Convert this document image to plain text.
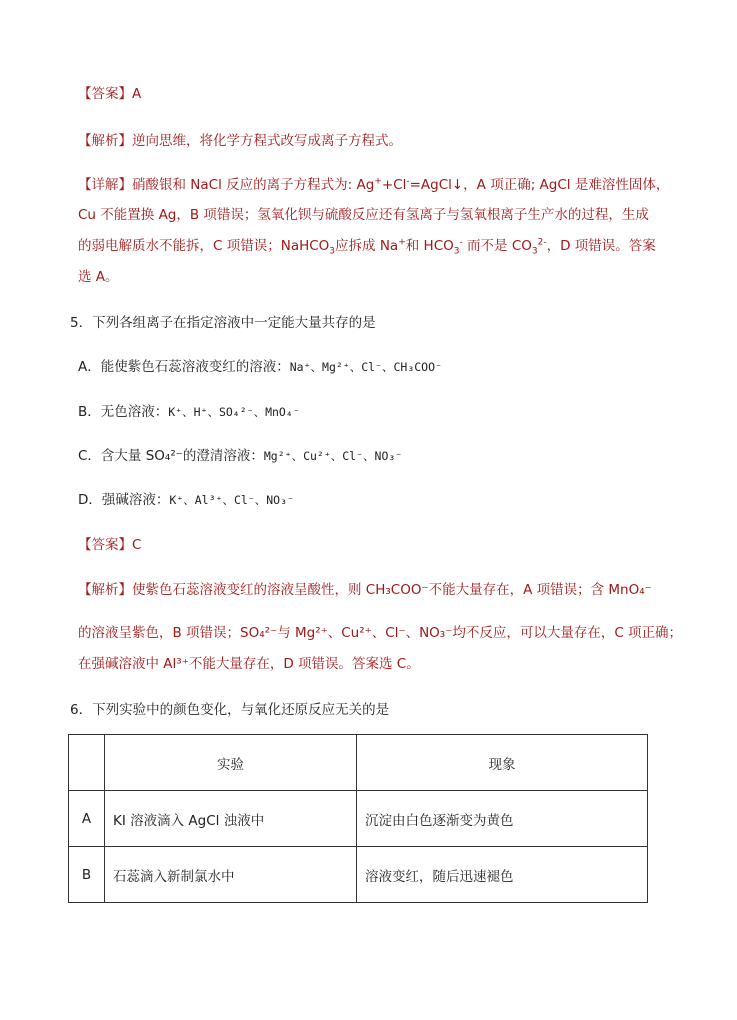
【答案】A
【解析】逆向思维，将化学方程式改写成离子方程式。
【详解】硝酸银和 NaCl 反应的离子方程式为: Ag++Cl-=AgCl↓，A 项正确; AgCl 是难溶性固体，
Cu 不能置换 Ag，B 项错误；氢氧化钡与硫酸反应还有氢离子与氢氧根离子生产水的过程，生成
的弱电解质水不能拆，C 项错误；NaHCO$_3$应拆成 Na+和 $HCO_3^-$ 而不是 $CO_3^{2-}$，D 项错误。答案
选 A。
5．下列各组离子在指定溶液中一定能大量共存的是
A．能使紫色石蕊溶液变红的溶液：Na⁺、Mg²⁺、Cl⁻、CH₃COO⁻
B．无色溶液：K⁺、H⁺、SO₄²⁻、MnO₄⁻
C．含大量 SO₄²⁻的澄清溶液：Mg²⁺、Cu²⁺、Cl⁻、NO₃⁻
D．强碱溶液：K⁺、Al³⁺、Cl⁻、NO₃⁻
【答案】C
【解析】使紫色石蕊溶液变红的溶液呈酸性，则 CH₃COO⁻不能大量存在，A 项错误；含 MnO₄⁻
的溶液呈紫色，B 项错误；SO₄²⁻与 Mg²⁺、Cu²⁺、Cl⁻、NO₃⁻均不反应，可以大量存在，C 项正确；
在强碱溶液中 Al³⁺不能大量存在，D 项错误。答案选 C。
6．下列实验中的颜色变化，与氧化还原反应无关的是
	实验	现象
A	KI 溶液滴入 AgCl 浊液中	沉淀由白色逐渐变为黄色
B	石蕊滴入新制氯水中	溶液变红，随后迅速褪色
